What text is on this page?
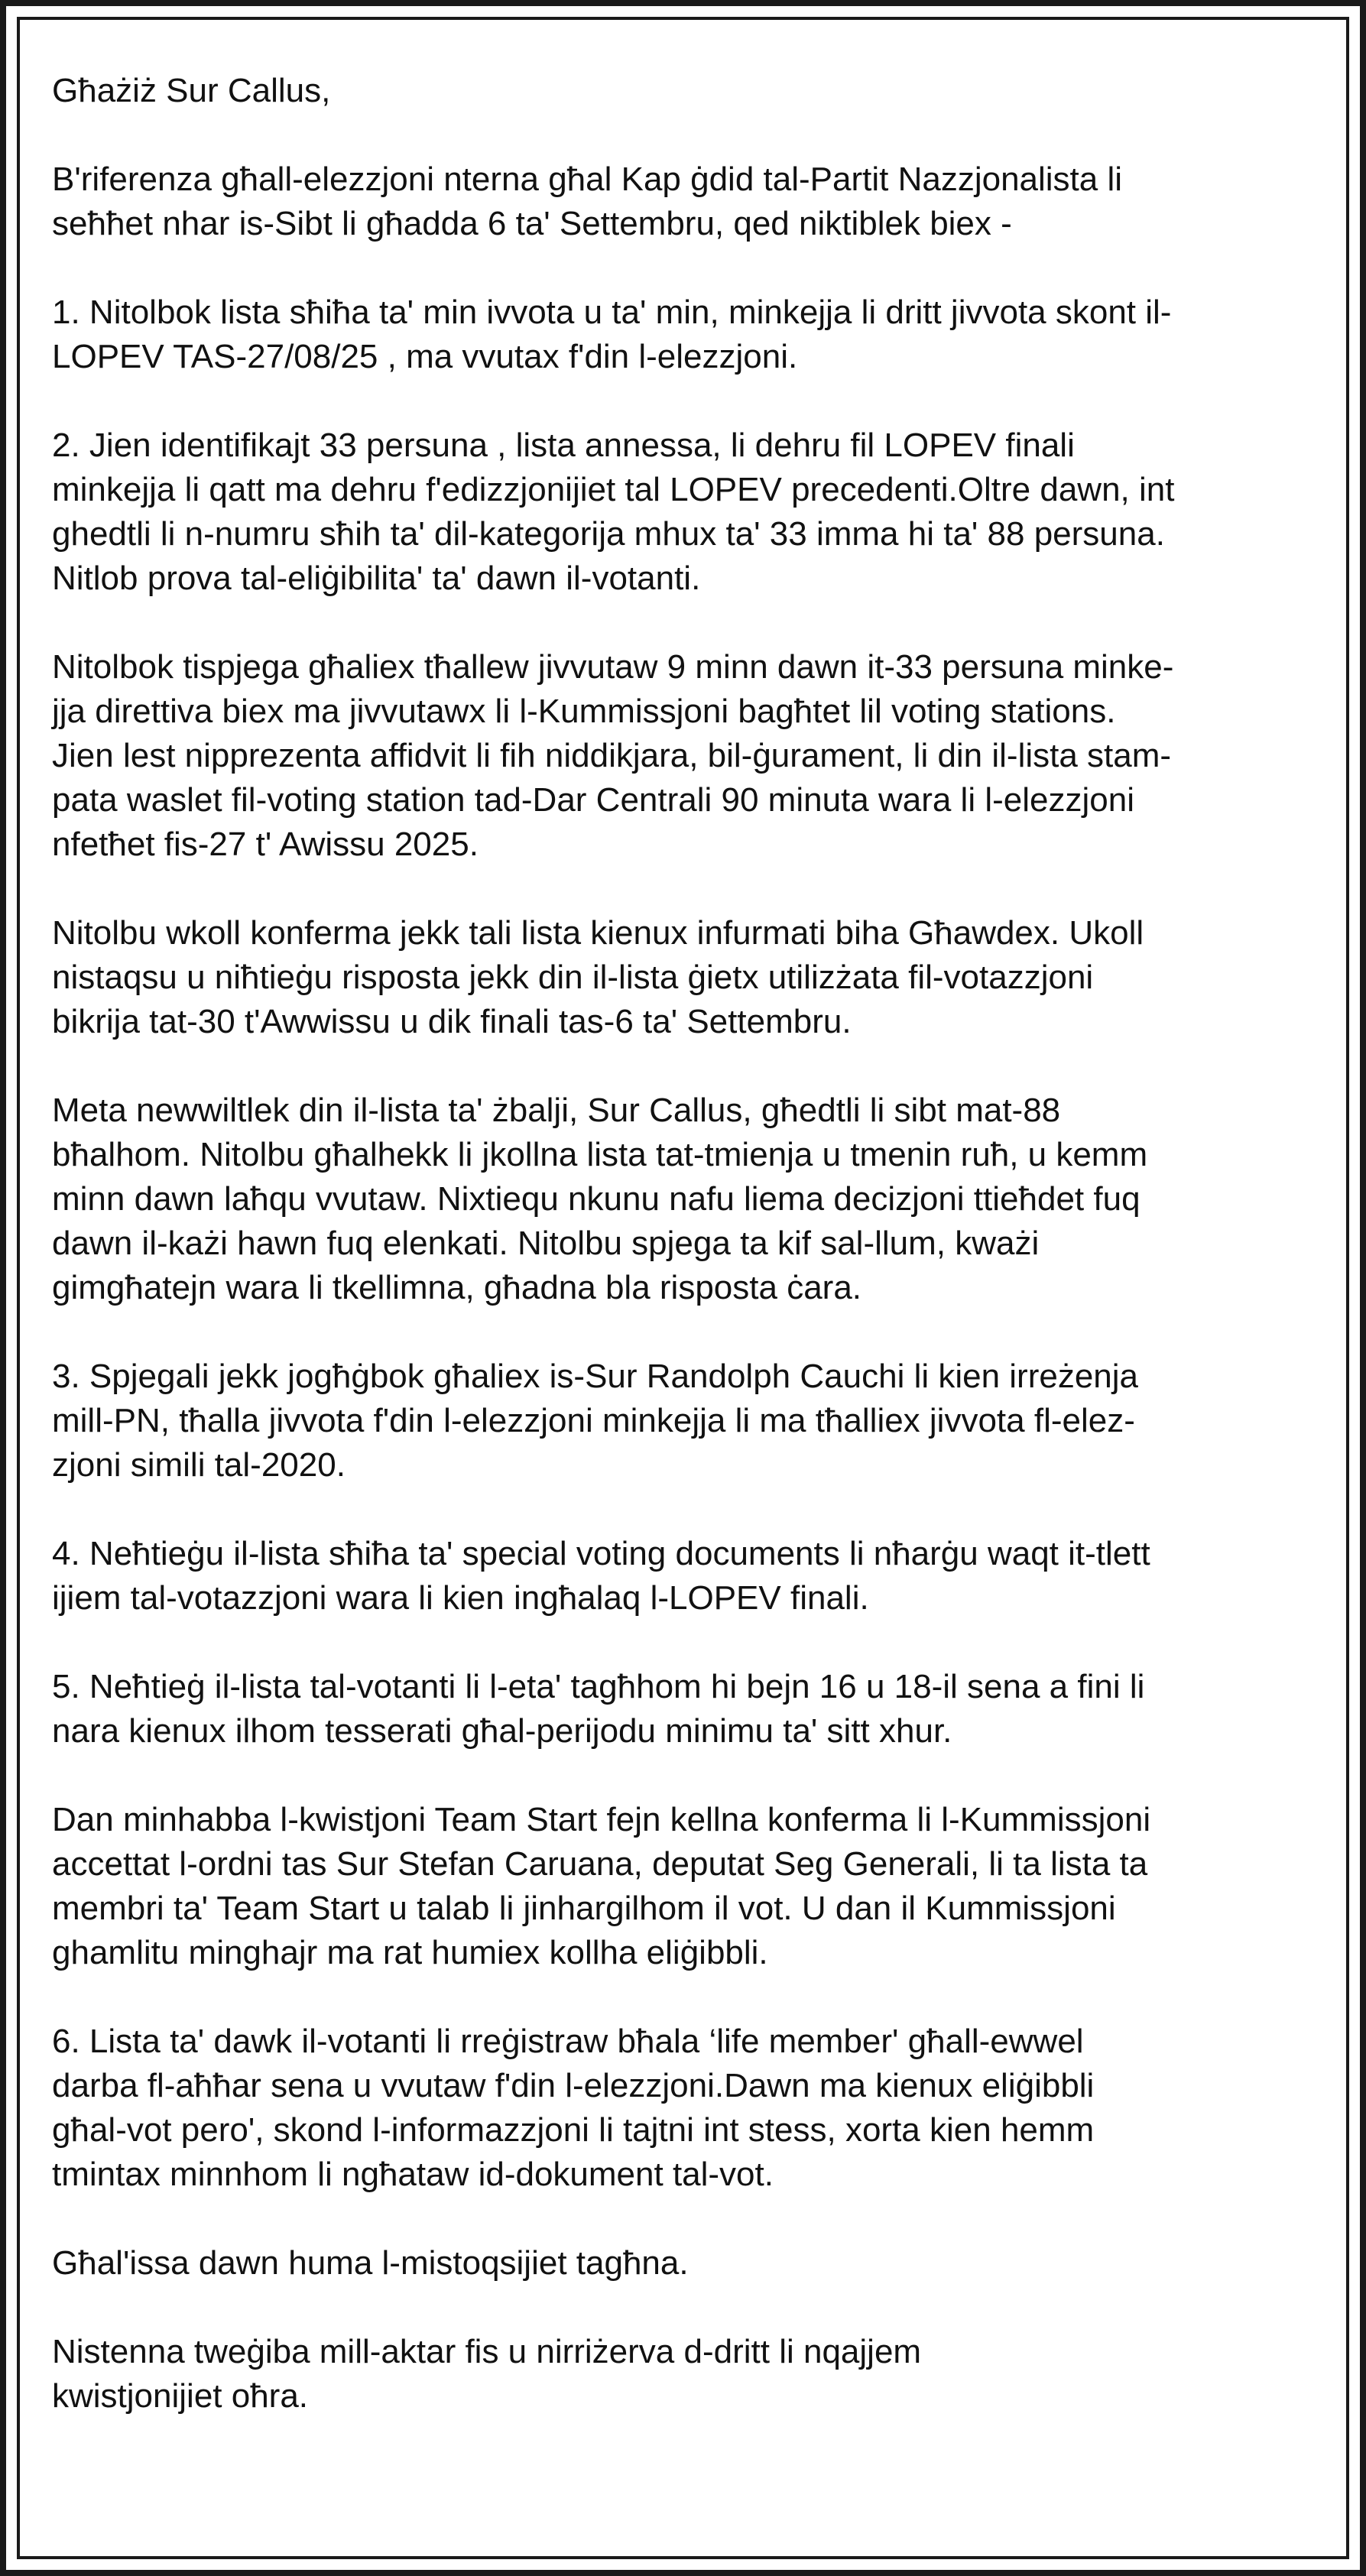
Għażiż Sur Callus,

B'riferenza għall-elezzjoni nterna għal Kap ġdid tal-Partit Nazzjonalista li
seħħet nhar is-Sibt li għadda 6 ta' Settembru, qed niktiblek biex -

1. Nitolbok lista sħiħa ta' min ivvota u ta' min, minkejja li dritt jivvota skont il-
LOPEV TAS-27/08/25 , ma vvutax f'din l-elezzjoni.

2. Jien identifikajt 33 persuna , lista annessa, li dehru fil LOPEV finali
minkejja li qatt ma dehru f'edizzjonijiet tal LOPEV precedenti.Oltre dawn, int
ghedtli li n-numru sħih ta' dil-kategorija mhux ta' 33 imma hi ta' 88 persuna.
Nitlob prova tal-eliġibilita' ta' dawn il-votanti.

Nitolbok tispjega għaliex tħallew jivvutaw 9 minn dawn it-33 persuna minke-
jja direttiva biex ma jivvutawx li l-Kummissjoni bagħtet lil voting stations.
Jien lest nipprezenta affidvit li fih niddikjara, bil-ġurament, li din il-lista stam-
pata waslet fil-voting station tad-Dar Centrali 90 minuta wara li l-elezzjoni
nfetħet fis-27 t' Awissu 2025.

Nitolbu wkoll konferma jekk tali lista kienux infurmati biha Għawdex. Ukoll
nistaqsu u niħtieġu risposta jekk din il-lista ġietx utilizżata fil-votazzjoni
bikrija tat-30 t'Awwissu u dik finali tas-6 ta' Settembru.

Meta newwiltlek din il-lista ta' żbalji, Sur Callus, għedtli li sibt mat-88
bħalhom. Nitolbu għalhekk li jkollna lista tat-tmienja u tmenin ruħ, u kemm
minn dawn laħqu vvutaw. Nixtiequ nkunu nafu liema decizjoni ttieħdet fuq
dawn il-każi hawn fuq elenkati. Nitolbu spjega ta kif sal-llum, kważi
gimgħatejn wara li tkellimna, għadna bla risposta ċara.

3. Spjegali jekk jogħġbok għaliex is-Sur Randolph Cauchi li kien irreżenja
mill-PN, tħalla jivvota f'din l-elezzjoni minkejja li ma tħalliex jivvota fl-elez-
zjoni simili tal-2020.

4. Neħtieġu il-lista sħiħa ta' special voting documents li nħarġu waqt it-tlett
ijiem tal-votazzjoni wara li kien ingħalaq l-LOPEV finali.

5. Neħtieġ il-lista tal-votanti li l-eta' tagħhom hi bejn 16 u 18-il sena a fini li
nara kienux ilhom tesserati għal-perijodu minimu ta' sitt xhur.

Dan minhabba l-kwistjoni Team Start fejn kellna konferma li l-Kummissjoni
accettat l-ordni tas Sur Stefan Caruana, deputat Seg Generali, li ta lista ta
membri ta' Team Start u talab li jinhargilhom il vot. U dan il Kummissjoni
ghamlitu minghajr ma rat humiex kollha eliġibbli.

6. Lista ta' dawk il-votanti li rreġistraw bħala ‘life member' għall-ewwel
darba fl-aħħar sena u vvutaw f'din l-elezzjoni.Dawn ma kienux eliġibbli
għal-vot pero', skond l-informazzjoni li tajtni int stess, xorta kien hemm
tmintax minnhom li ngħataw id-dokument tal-vot.

Għal'issa dawn huma l-mistoqsijiet tagħna.

Nistenna tweġiba mill-aktar fis u nirriżerva d-dritt li nqajjem
kwistjonijiet oħra.
